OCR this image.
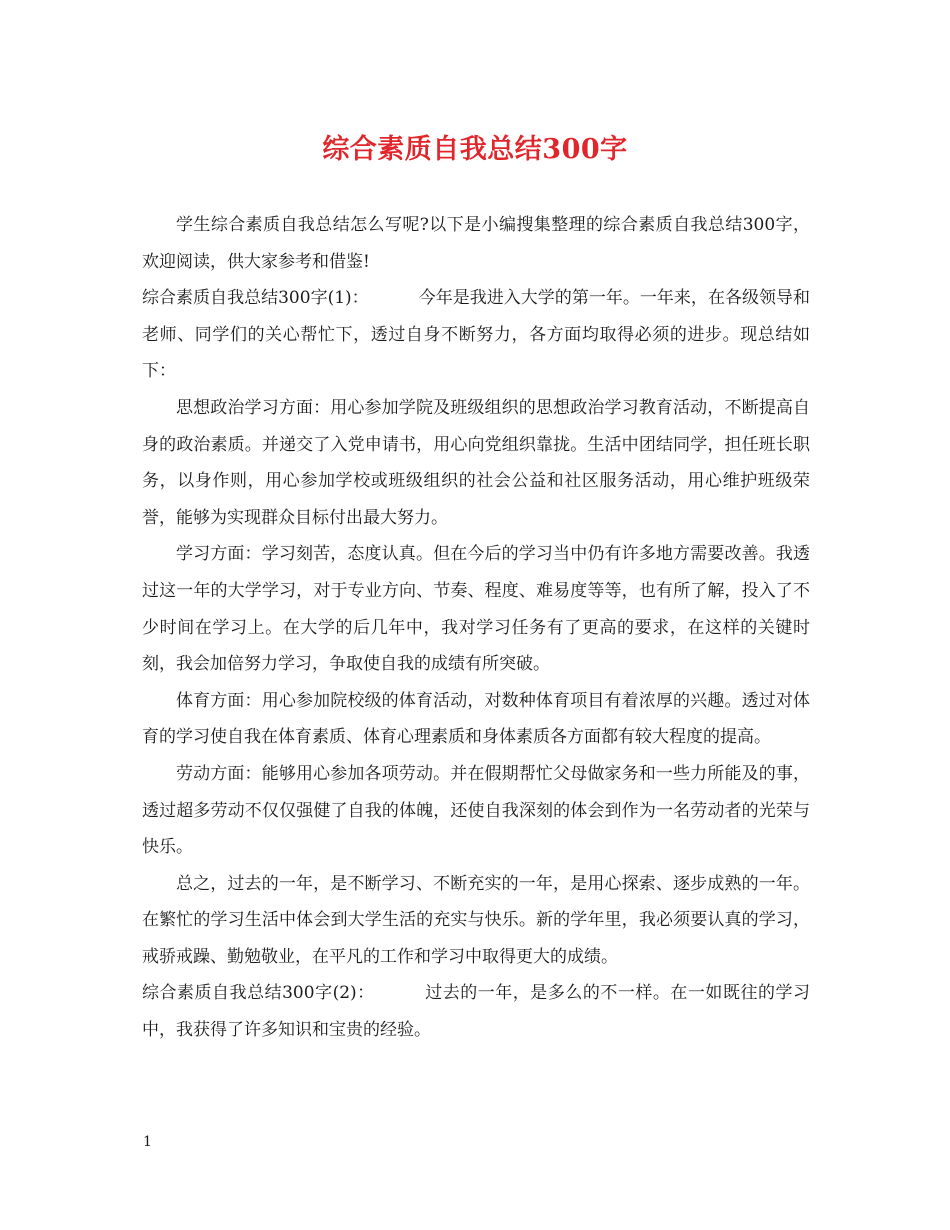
综合素质自我总结300字

学生综合素质自我总结怎么写呢?以下是小编搜集整理的综合素质自我总结300字，欢迎阅读，供大家参考和借鉴!

综合素质自我总结300字(1)：	今年是我进入大学的第一年。一年来，在各级领导和老师、同学们的关心帮忙下，透过自身不断努力，各方面均取得必须的进步。现总结如下：

思想政治学习方面：用心参加学院及班级组织的思想政治学习教育活动，不断提高自身的政治素质。并递交了入党申请书，用心向党组织靠拢。生活中团结同学，担任班长职务，以身作则，用心参加学校或班级组织的社会公益和社区服务活动，用心维护班级荣誉，能够为实现群众目标付出最大努力。

学习方面：学习刻苦，态度认真。但在今后的学习当中仍有许多地方需要改善。我透过这一年的大学学习，对于专业方向、节奏、程度、难易度等等，也有所了解，投入了不少时间在学习上。在大学的后几年中，我对学习任务有了更高的要求，在这样的关键时刻，我会加倍努力学习，争取使自我的成绩有所突破。

体育方面：用心参加院校级的体育活动，对数种体育项目有着浓厚的兴趣。透过对体育的学习使自我在体育素质、体育心理素质和身体素质各方面都有较大程度的提高。

劳动方面：能够用心参加各项劳动。并在假期帮忙父母做家务和一些力所能及的事，透过超多劳动不仅仅强健了自我的体魄，还使自我深刻的体会到作为一名劳动者的光荣与快乐。

总之，过去的一年，是不断学习、不断充实的一年，是用心探索、逐步成熟的一年。在繁忙的学习生活中体会到大学生活的充实与快乐。新的学年里，我必须要认真的学习，戒骄戒躁、勤勉敬业，在平凡的工作和学习中取得更大的成绩。

综合素质自我总结300字(2)：	过去的一年，是多么的不一样。在一如既往的学习中，我获得了许多知识和宝贵的经验。

1
